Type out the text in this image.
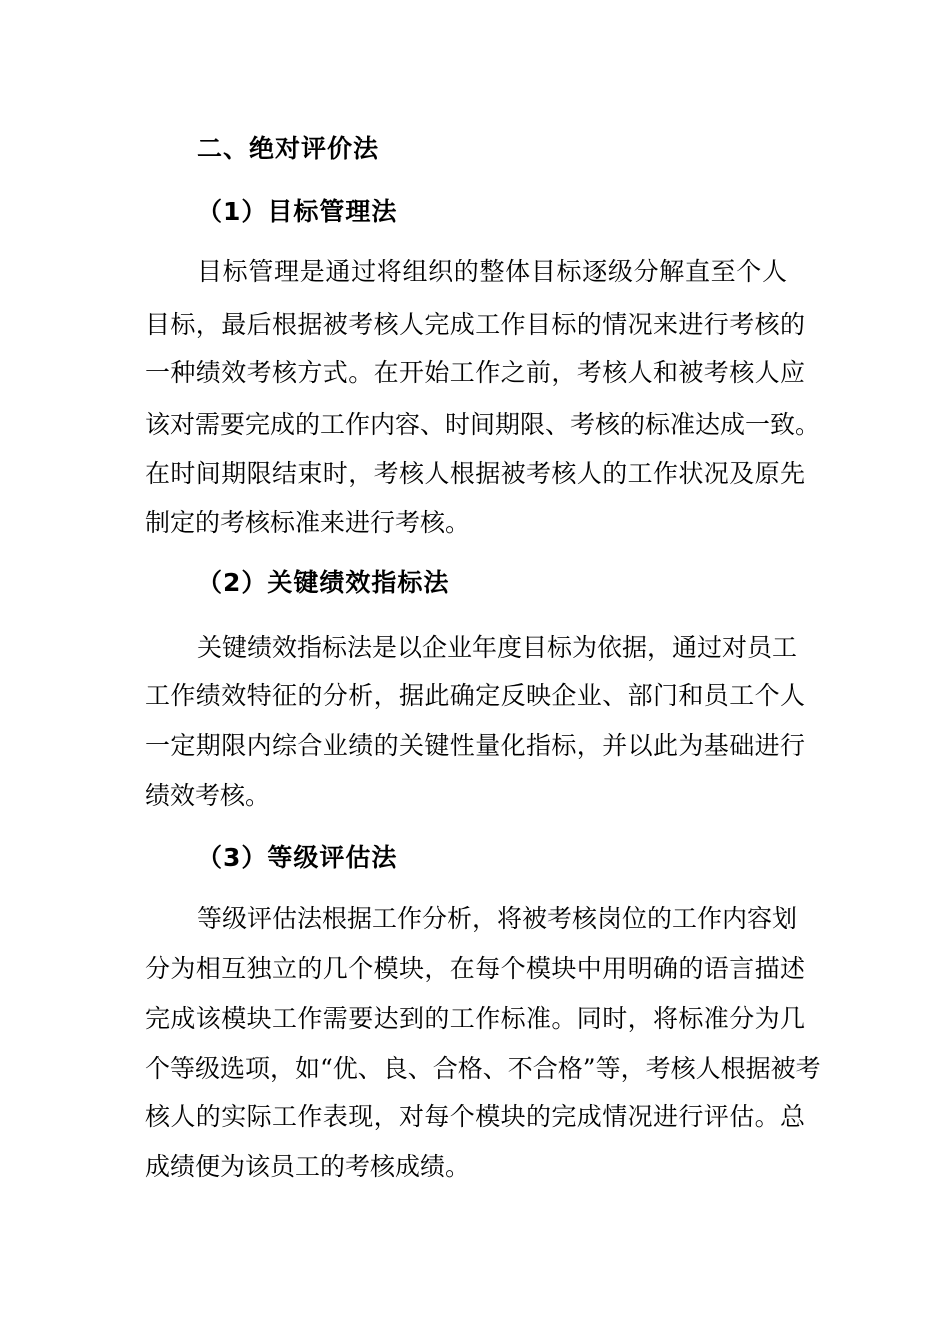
二、绝对评价法
（1）目标管理法
目标管理是通过将组织的整体目标逐级分解直至个人
目标，最后根据被考核人完成工作目标的情况来进行考核的
一种绩效考核方式。在开始工作之前，考核人和被考核人应
该对需要完成的工作内容、时间期限、考核的标准达成一致。
在时间期限结束时，考核人根据被考核人的工作状况及原先
制定的考核标准来进行考核。
（2）关键绩效指标法
关键绩效指标法是以企业年度目标为依据，通过对员工
工作绩效特征的分析，据此确定反映企业、部门和员工个人
一定期限内综合业绩的关键性量化指标，并以此为基础进行
绩效考核。
（3）等级评估法
等级评估法根据工作分析，将被考核岗位的工作内容划
分为相互独立的几个模块，在每个模块中用明确的语言描述
完成该模块工作需要达到的工作标准。同时，将标准分为几
个等级选项，如“优、良、合格、不合格”等，考核人根据被考
核人的实际工作表现，对每个模块的完成情况进行评估。总
成绩便为该员工的考核成绩。
